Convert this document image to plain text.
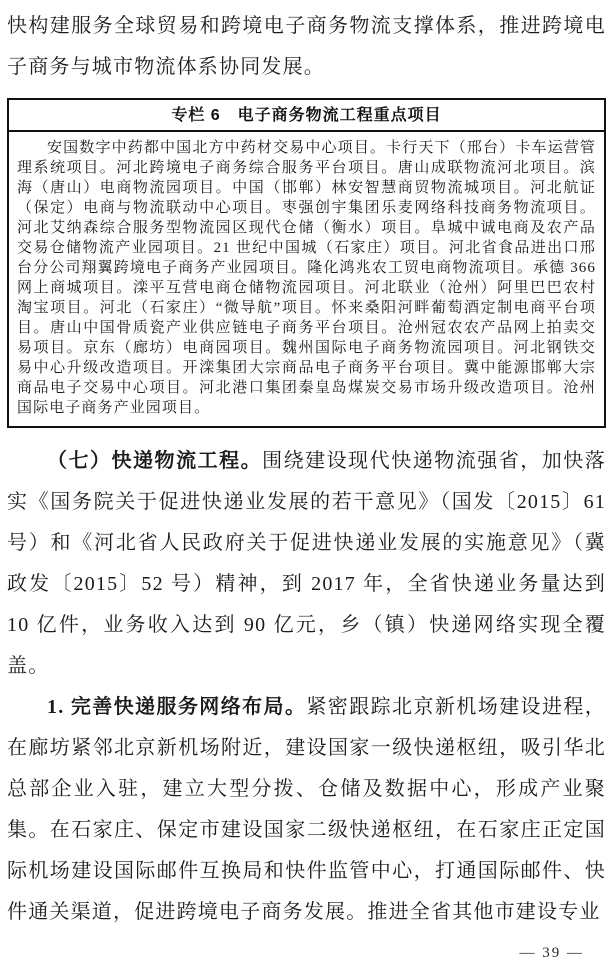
快构建服务全球贸易和跨境电子商务物流支撑体系，推进跨境电子商务与城市物流体系协同发展。

专栏 6　电子商务物流工程重点项目
安国数字中药都中国北方中药材交易中心项目。卡行天下（邢台）卡车运营管理系统项目。河北跨境电子商务综合服务平台项目。唐山成联物流河北项目。滨海（唐山）电商物流园项目。中国（邯郸）林安智慧商贸物流城项目。河北航证（保定）电商与物流联动中心项目。枣强创宇集团乐麦网络科技商务物流项目。河北艾纳森综合服务型物流园区现代仓储（衡水）项目。阜城中诚电商及农产品交易仓储物流产业园项目。21 世纪中国城（石家庄）项目。河北省食品进出口邢台分公司翔翼跨境电子商务产业园项目。隆化鸿兆农工贸电商物流项目。承德 366 网上商城项目。滦平互营电商仓储物流园项目。河北联业（沧州）阿里巴巴农村淘宝项目。河北（石家庄）“微导航”项目。怀来桑阳河畔葡萄酒定制电商平台项目。唐山中国骨质瓷产业供应链电子商务平台项目。沧州冠农农产品网上拍卖交易项目。京东（廊坊）电商园项目。魏州国际电子商务物流园项目。河北钢铁交易中心升级改造项目。开滦集团大宗商品电子商务平台项目。冀中能源邯郸大宗商品电子交易中心项目。河北港口集团秦皇岛煤炭交易市场升级改造项目。沧州国际电子商务产业园项目。

（七）快递物流工程。围绕建设现代快递物流强省，加快落实《国务院关于促进快递业发展的若干意见》（国发〔2015〕61 号）和《河北省人民政府关于促进快递业发展的实施意见》（冀政发〔2015〕52 号）精神，到 2017 年，全省快递业务量达到 10 亿件，业务收入达到 90 亿元，乡（镇）快递网络实现全覆盖。

1. 完善快递服务网络布局。紧密跟踪北京新机场建设进程，在廊坊紧邻北京新机场附近，建设国家一级快递枢纽，吸引华北总部企业入驻，建立大型分拨、仓储及数据中心，形成产业聚集。在石家庄、保定市建设国家二级快递枢纽，在石家庄正定国际机场建设国际邮件互换局和快件监管中心，打通国际邮件、快件通关渠道，促进跨境电子商务发展。推进全省其他市建设专业

— 39 —
